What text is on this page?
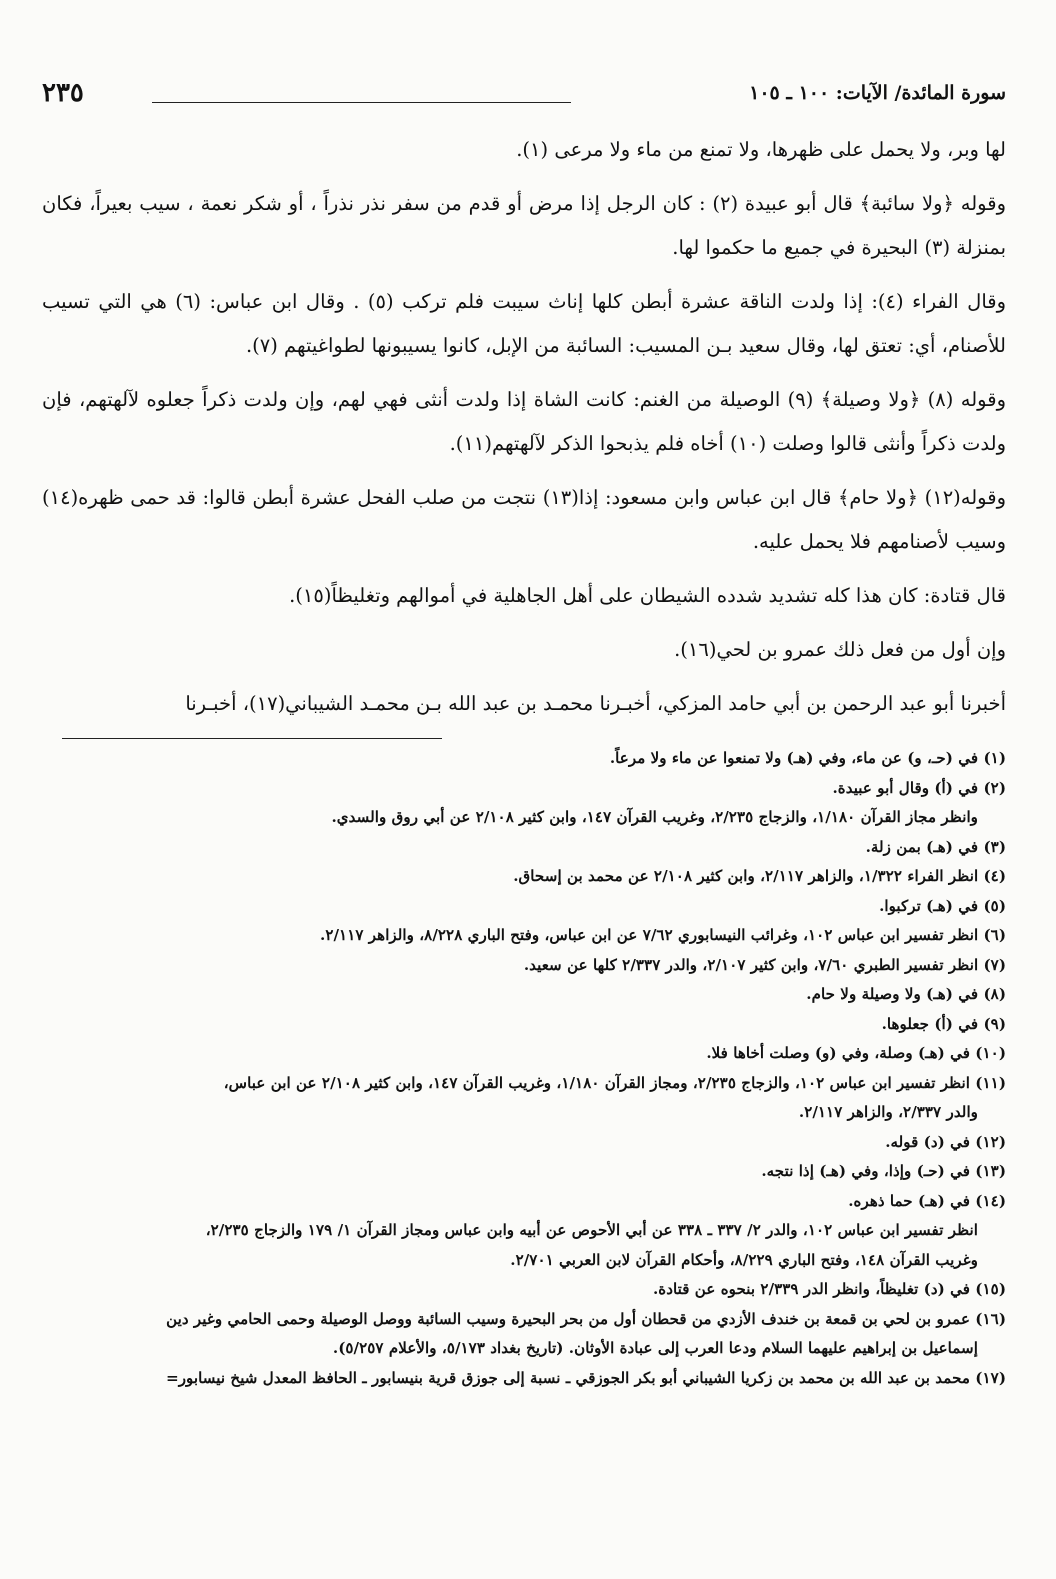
سورة المائدة/ الآيات: ١٠٠ ـ ١٠٥
٢٣٥

لها وبر، ولا يحمل على ظهرها، ولا تمنع من ماء ولا مرعى (١).

وقوله ﴿ولا سائبة﴾ قال أبو عبيدة (٢) : كان الرجل إذا مرض أو قدم من سفر نذر نذراً ، أو شكر نعمة ، سيب بعيراً، فكان بمنزلة (٣) البحيرة في جميع ما حكموا لها.

وقال الفراء (٤): إذا ولدت الناقة عشرة أبطن كلها إناث سيبت فلم تركب (٥) . وقال ابن عباس: (٦) هي التي تسيب للأصنام، أي: تعتق لها، وقال سعيد بـن المسيب: السائبة من الإبل، كانوا يسيبونها لطواغيتهم (٧).

وقوله (٨) ﴿ولا وصيلة﴾ (٩) الوصيلة من الغنم: كانت الشاة إذا ولدت أنثى فهي لهم، وإن ولدت ذكراً جعلوه لآلهتهم، فإن ولدت ذكراً وأنثى قالوا وصلت (١٠) أخاه فلم يذبحوا الذكر لآلهتهم(١١).

وقوله(١٢) ﴿ولا حام﴾ قال ابن عباس وابن مسعود: إذا(١٣) نتجت من صلب الفحل عشرة أبطن قالوا: قد حمى ظهره(١٤) وسيب لأصنامهم فلا يحمل عليه.

قال قتادة: كان هذا كله تشديد شدده الشيطان على أهل الجاهلية في أموالهم وتغليظاً(١٥).

وإن أول من فعل ذلك عمرو بن لحي(١٦).

أخبرنا أبو عبد الرحمن بن أبي حامد المزكي، أخبـرنا محمـد بن عبد الله بـن محمـد الشيباني(١٧)، أخبـرنا

(١) في (حـ، و) عن ماء، وفي (هـ) ولا تمنعوا عن ماء ولا مرعاً.

(٢) في (أ) وقال أبو عبيدة.

وانظر مجاز القرآن ١/١٨٠، والزجاج ٢/٢٣٥، وغريب القرآن ١٤٧، وابن كثير ٢/١٠٨ عن أبي روق والسدي.

(٣) في (هـ) بمن زلة.

(٤) انظر الفراء ١/٣٢٢، والزاهر ٢/١١٧، وابن كثير ٢/١٠٨ عن محمد بن إسحاق.

(٥) في (هـ) تركبوا.

(٦) انظر تفسير ابن عباس ١٠٢، وغرائب النيسابوري ٧/٦٢ عن ابن عباس، وفتح الباري ٨/٢٢٨، والزاهر ٢/١١٧.

(٧) انظر تفسير الطبري ٧/٦٠، وابن كثير ٢/١٠٧، والدر ٢/٣٣٧ كلها عن سعيد.

(٨) في (هـ) ولا وصيلة ولا حام.

(٩) في (أ) جعلوها.

(١٠) في (هـ) وصلة، وفي (و) وصلت أخاها فلا.

(١١) انظر تفسير ابن عباس ١٠٢، والزجاج ٢/٢٣٥، ومجاز القرآن ١/١٨٠، وغريب القرآن ١٤٧، وابن كثير ٢/١٠٨ عن ابن عباس،

والدر ٢/٣٣٧، والزاهر ٢/١١٧.

(١٢) في (د) قوله.

(١٣) في (حـ) وإذا، وفي (هـ) إذا نتجه.

(١٤) في (هـ) حما ذهره.

انظر تفسير ابن عباس ١٠٢، والدر ٢/ ٣٣٧ ـ ٣٣٨ عن أبي الأحوص عن أبيه وابن عباس ومجاز القرآن ١/ ١٧٩ والزجاج ٢/٢٣٥،

وغريب القرآن ١٤٨، وفتح الباري ٨/٢٢٩، وأحكام القرآن لابن العربي ٢/٧٠١.

(١٥) في (د) تغليظاً، وانظر الدر ٢/٣٣٩ بنحوه عن قتادة.

(١٦) عمرو بن لحي بن قمعة بن خندف الأزدي من قحطان أول من بحر البحيرة وسيب السائبة ووصل الوصيلة وحمى الحامي وغير دين

إسماعيل بن إبراهيم عليهما السلام ودعا العرب إلى عبادة الأوثان. (تاريخ بغداد ٥/١٧٣، والأعلام ٥/٢٥٧).

(١٧) محمد بن عبد الله بن محمد بن زكريا الشيباني أبو بكر الجوزقي ـ نسبة إلى جوزق قرية بنيسابور ـ الحافظ المعدل شيخ نيسابور=
